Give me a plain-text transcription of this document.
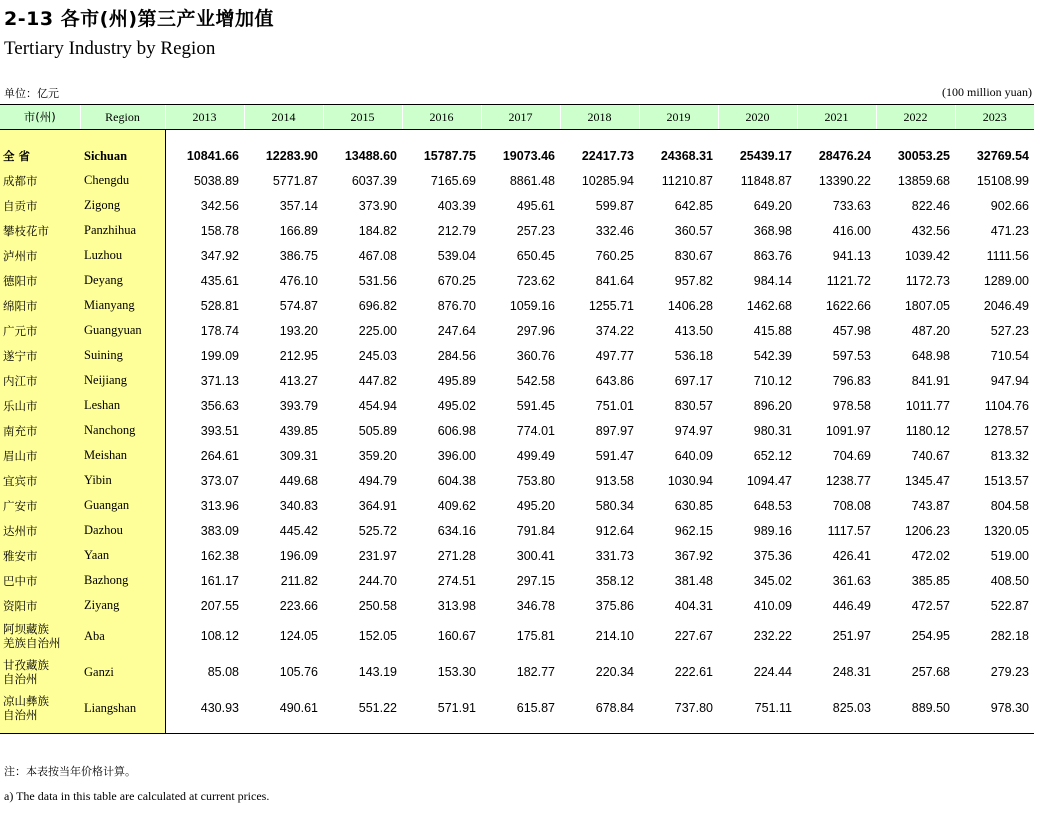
2-13 各市(州)第三产业增加值
Tertiary Industry by Region
单位：亿元	(100 million yuan)
市(州)	Region	2013	2014	2015	2016	2017	2018	2019	2020	2021	2022	2023

全 省	Sichuan	10841.66	12283.90	13488.60	15787.75	19073.46	22417.73	24368.31	25439.17	28476.24	30053.25	32769.54
成都市	Chengdu	5038.89	5771.87	6037.39	7165.69	8861.48	10285.94	11210.87	11848.87	13390.22	13859.68	15108.99
自贡市	Zigong	342.56	357.14	373.90	403.39	495.61	599.87	642.85	649.20	733.63	822.46	902.66
攀枝花市	Panzhihua	158.78	166.89	184.82	212.79	257.23	332.46	360.57	368.98	416.00	432.56	471.23
泸州市	Luzhou	347.92	386.75	467.08	539.04	650.45	760.25	830.67	863.76	941.13	1039.42	1111.56
德阳市	Deyang	435.61	476.10	531.56	670.25	723.62	841.64	957.82	984.14	1121.72	1172.73	1289.00
绵阳市	Mianyang	528.81	574.87	696.82	876.70	1059.16	1255.71	1406.28	1462.68	1622.66	1807.05	2046.49
广元市	Guangyuan	178.74	193.20	225.00	247.64	297.96	374.22	413.50	415.88	457.98	487.20	527.23
遂宁市	Suining	199.09	212.95	245.03	284.56	360.76	497.77	536.18	542.39	597.53	648.98	710.54
内江市	Neijiang	371.13	413.27	447.82	495.89	542.58	643.86	697.17	710.12	796.83	841.91	947.94
乐山市	Leshan	356.63	393.79	454.94	495.02	591.45	751.01	830.57	896.20	978.58	1011.77	1104.76
南充市	Nanchong	393.51	439.85	505.89	606.98	774.01	897.97	974.97	980.31	1091.97	1180.12	1278.57
眉山市	Meishan	264.61	309.31	359.20	396.00	499.49	591.47	640.09	652.12	704.69	740.67	813.32
宜宾市	Yibin	373.07	449.68	494.79	604.38	753.80	913.58	1030.94	1094.47	1238.77	1345.47	1513.57
广安市	Guangan	313.96	340.83	364.91	409.62	495.20	580.34	630.85	648.53	708.08	743.87	804.58
达州市	Dazhou	383.09	445.42	525.72	634.16	791.84	912.64	962.15	989.16	1117.57	1206.23	1320.05
雅安市	Yaan	162.38	196.09	231.97	271.28	300.41	331.73	367.92	375.36	426.41	472.02	519.00
巴中市	Bazhong	161.17	211.82	244.70	274.51	297.15	358.12	381.48	345.02	361.63	385.85	408.50
资阳市	Ziyang	207.55	223.66	250.58	313.98	346.78	375.86	404.31	410.09	446.49	472.57	522.87

阿坝藏族
羌族自治州	Aba	108.12	124.05	152.05	160.67	175.81	214.10	227.67	232.22	251.97	254.95	282.18

甘孜藏族
自治州	Ganzi	85.08	105.76	143.19	153.30	182.77	220.34	222.61	224.44	248.31	257.68	279.23

凉山彝族
自治州	Liangshan	430.93	490.61	551.22	571.91	615.87	678.84	737.80	751.11	825.03	889.50	978.30

注：本表按当年价格计算。
a) The data in this table are calculated at current prices.
